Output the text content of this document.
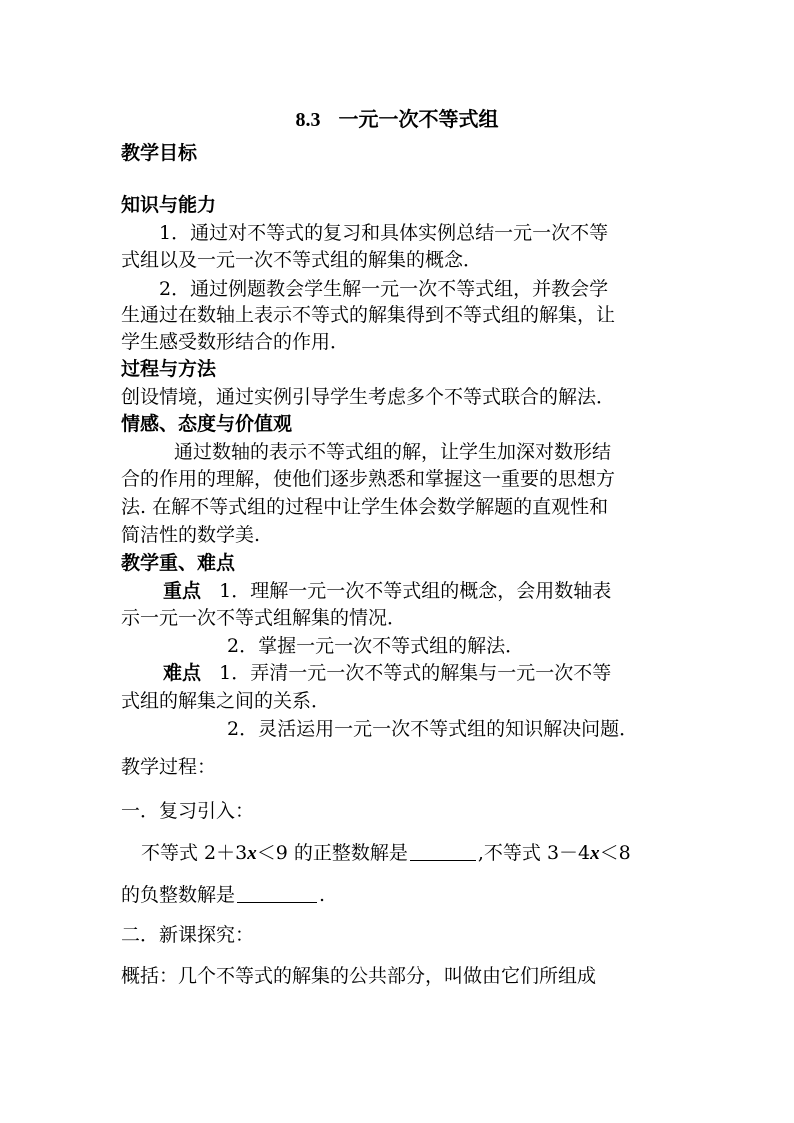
8.3 一元一次不等式组
教学目标
知识与能力
1．通过对不等式的复习和具体实例总结一元一次不等
式组以及一元一次不等式组的解集的概念．
2．通过例题教会学生解一元一次不等式组，并教会学
生通过在数轴上表示不等式的解集得到不等式组的解集，让
学生感受数形结合的作用．
过程与方法
创设情境，通过实例引导学生考虑多个不等式联合的解法．
情感、态度与价值观
通过数轴的表示不等式组的解，让学生加深对数形结
合的作用的理解，使他们逐步熟悉和掌握这一重要的思想方
法. 在解不等式组的过程中让学生体会数学解题的直观性和
简洁性的数学美.
教学重、难点
重点 1．理解一元一次不等式组的概念，会用数轴表
示一元一次不等式组解集的情况．
2．掌握一元一次不等式组的解法．
难点 1．弄清一元一次不等式的解集与一元一次不等
式组的解集之间的关系．
2．灵活运用一元一次不等式组的知识解决问题．
教学过程：
一．复习引入：
不等式 2＋3x＜9 的正整数解是	,不等式 3－4x＜8
的负整数解是	.
二．新课探究：
概括：几个不等式的解集的公共部分，叫做由它们所组成
